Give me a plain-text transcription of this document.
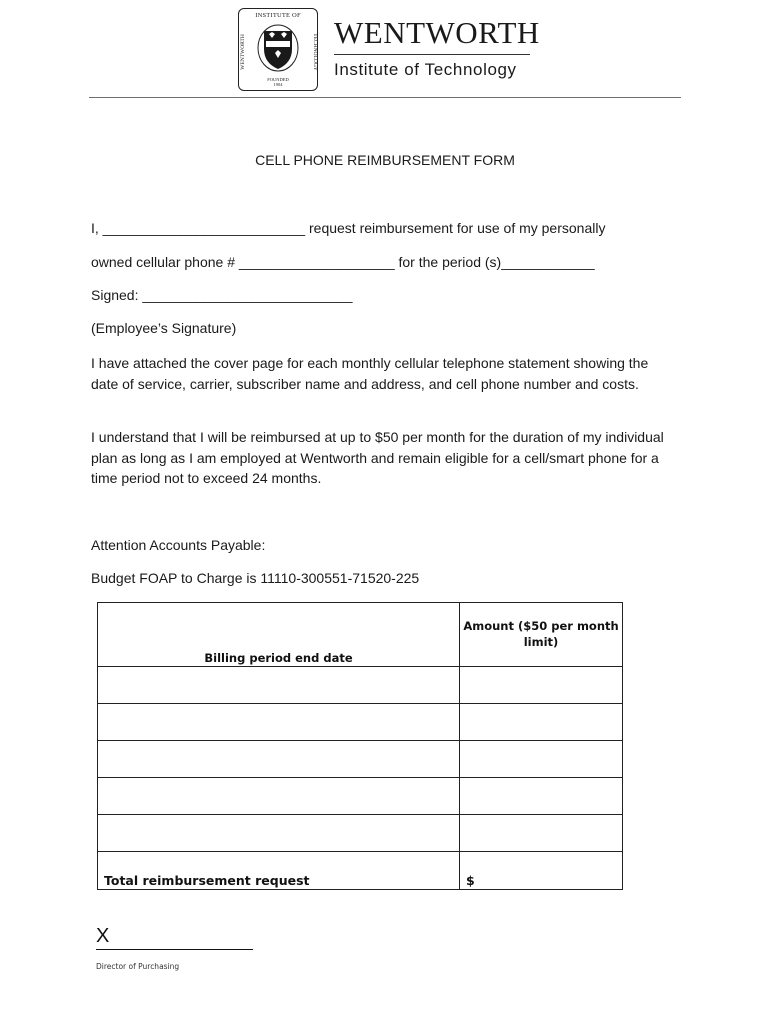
INSTITUTE OF
WENTWORTH	TECHNOLOGY
FOUNDED
1904
WENTWORTH
Institute of Technology
CELL PHONE REIMBURSEMENT FORM
I, __________________________ request reimbursement for use of my personally
owned cellular phone # ____________________ for the period (s)____________
Signed: ___________________________
(Employee’s Signature)
I have attached the cover page for each monthly cellular telephone statement showing the date of service, carrier, subscriber name and address, and cell phone number and costs.
I understand that I will be reimbursed at up to $50 per month for the duration of my individual plan as long as I am employed at Wentworth and remain eligible for a cell/smart phone for a time period not to exceed 24 months.
Attention Accounts Payable:
Budget FOAP to Charge is 11110-300551-71520-225
Billing period end date	Amount ($50 per month limit)

Total reimbursement request	$
X
Director of Purchasing
